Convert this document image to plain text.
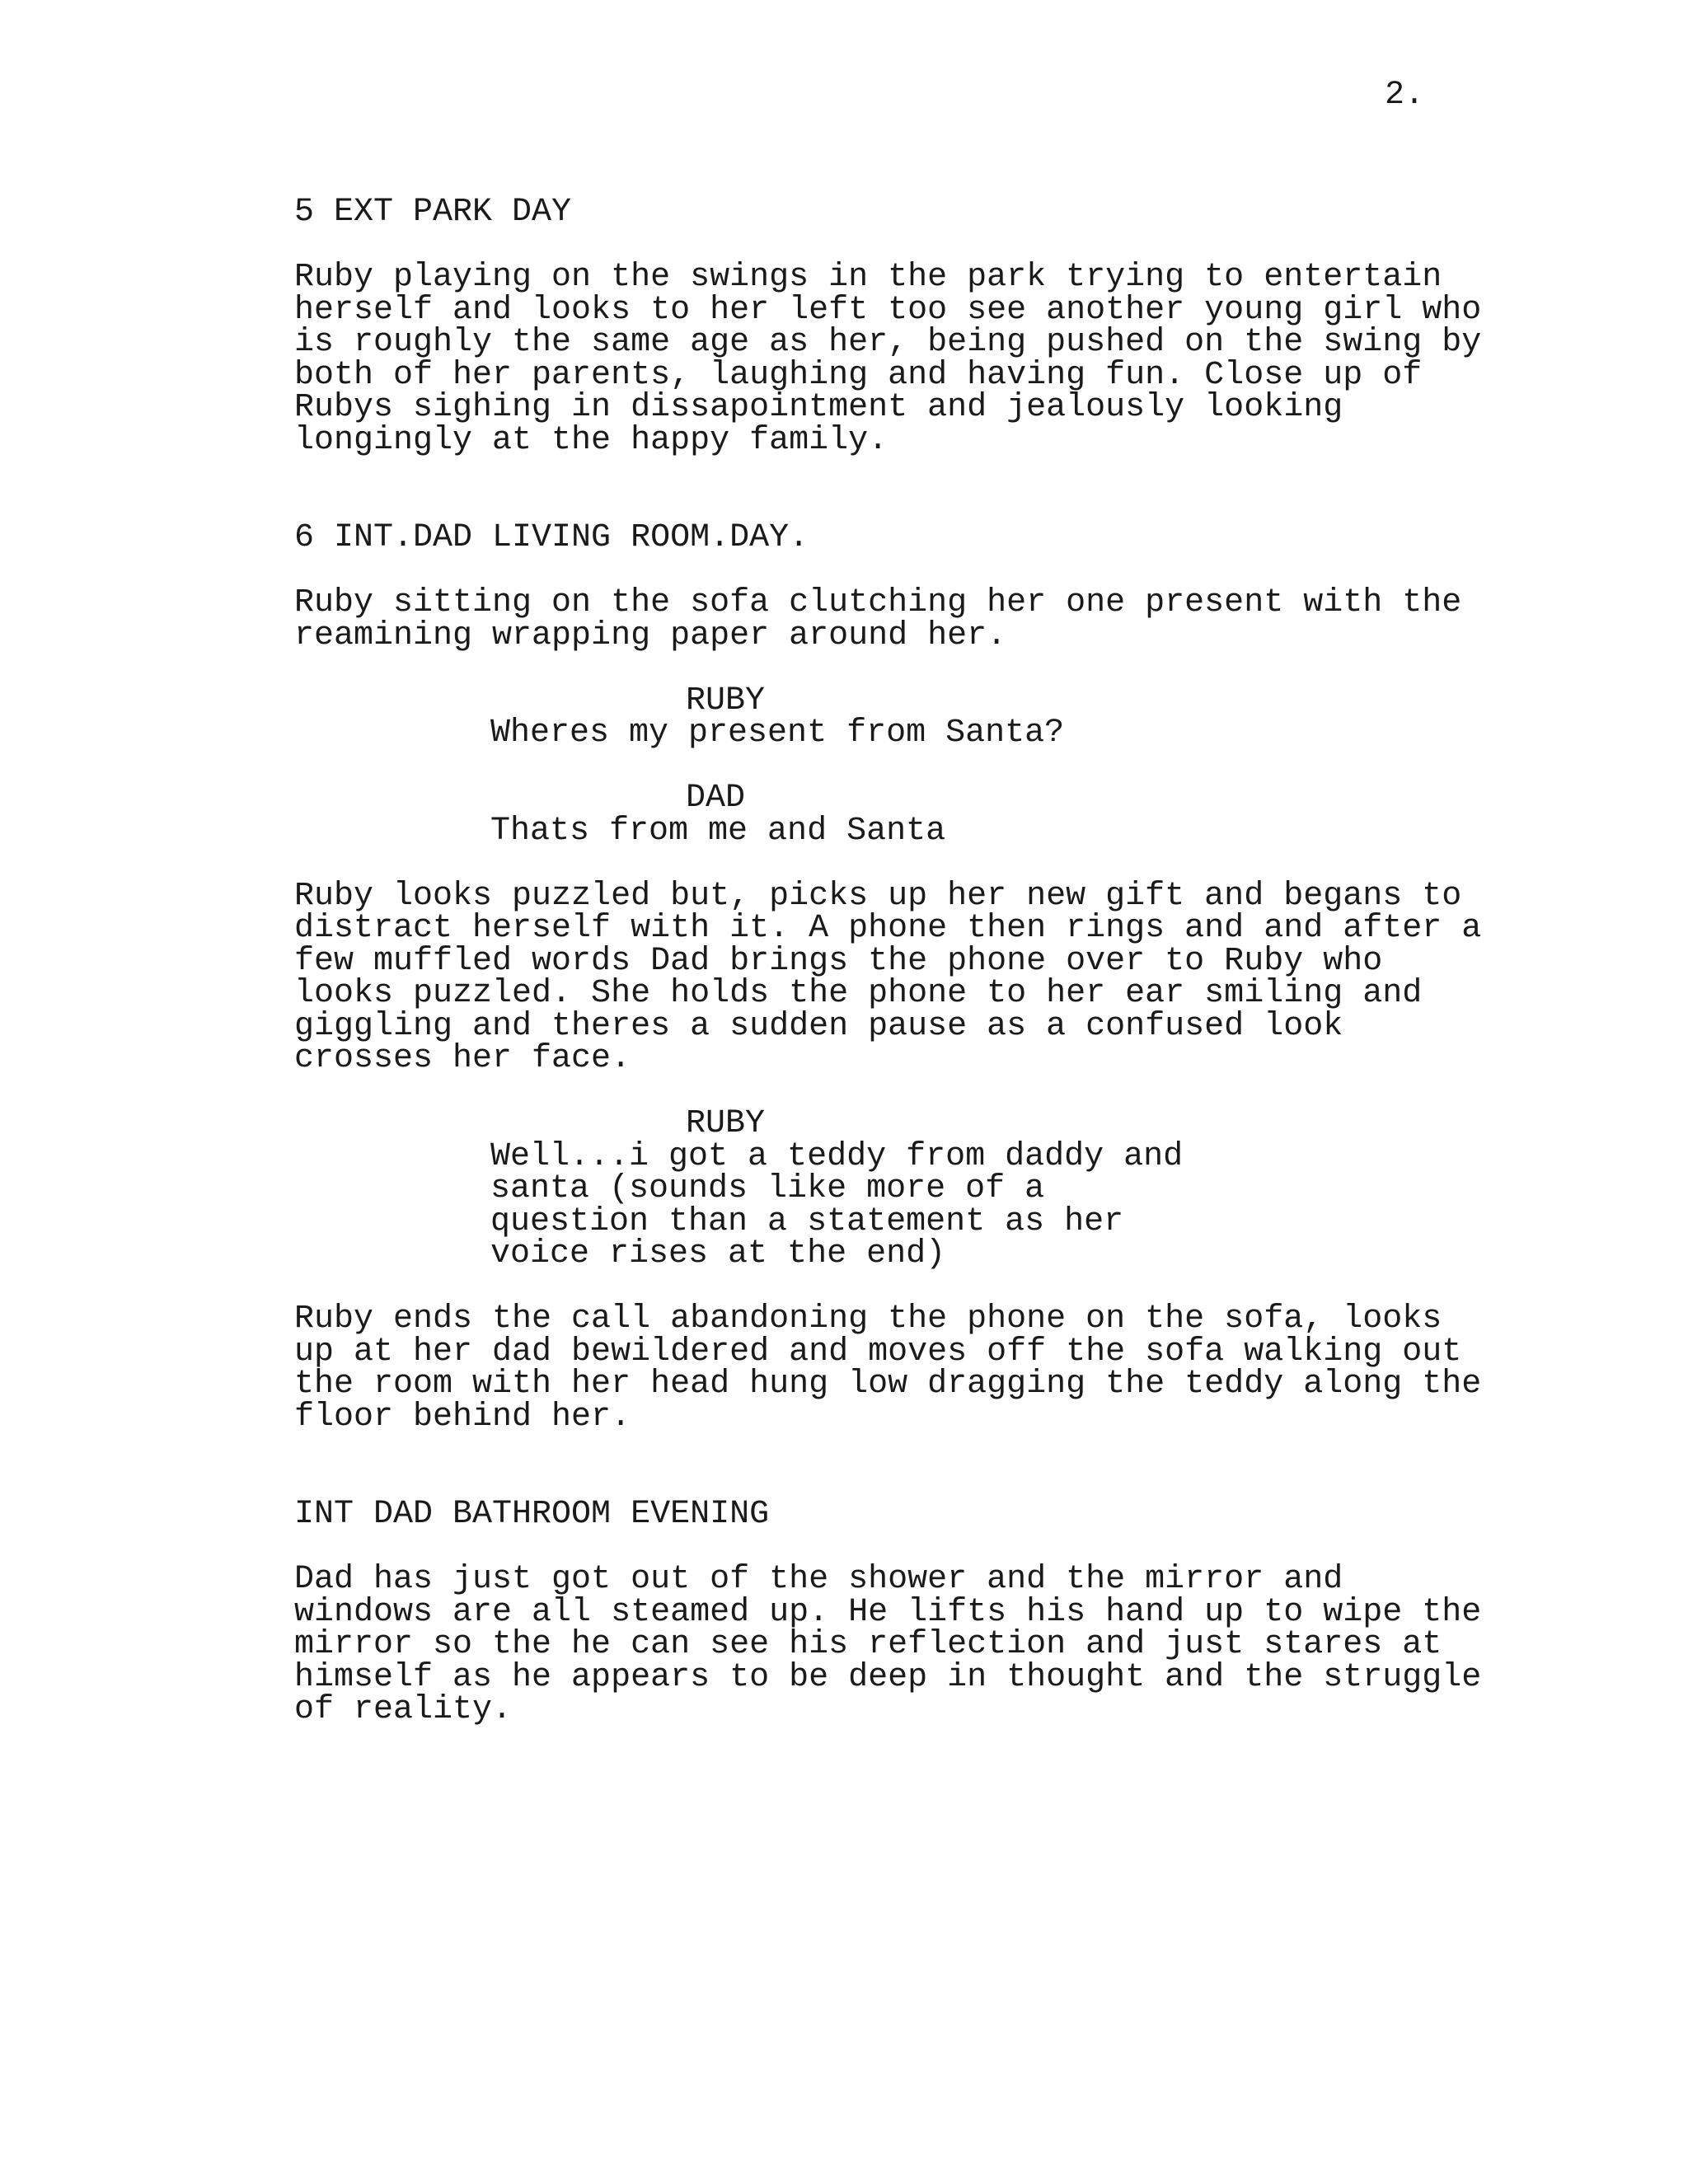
2.
5 EXT PARK DAY
Ruby playing on the swings in the park trying to entertain
herself and looks to her left too see another young girl who
is roughly the same age as her, being pushed on the swing by
both of her parents, laughing and having fun. Close up of
Rubys sighing in dissapointment and jealously looking
longingly at the happy family.
6 INT.DAD LIVING ROOM.DAY.
Ruby sitting on the sofa clutching her one present with the
reamining wrapping paper around her.
RUBY
Wheres my present from Santa?
DAD
Thats from me and Santa
Ruby looks puzzled but, picks up her new gift and begans to
distract herself with it. A phone then rings and and after a
few muffled words Dad brings the phone over to Ruby who
looks puzzled. She holds the phone to her ear smiling and
giggling and theres a sudden pause as a confused look
crosses her face.
RUBY
Well...i got a teddy from daddy and
santa (sounds like more of a
question than a statement as her
voice rises at the end)
Ruby ends the call abandoning the phone on the sofa, looks
up at her dad bewildered and moves off the sofa walking out
the room with her head hung low dragging the teddy along the
floor behind her.
INT DAD BATHROOM EVENING
Dad has just got out of the shower and the mirror and
windows are all steamed up. He lifts his hand up to wipe the
mirror so the he can see his reflection and just stares at
himself as he appears to be deep in thought and the struggle
of reality.
